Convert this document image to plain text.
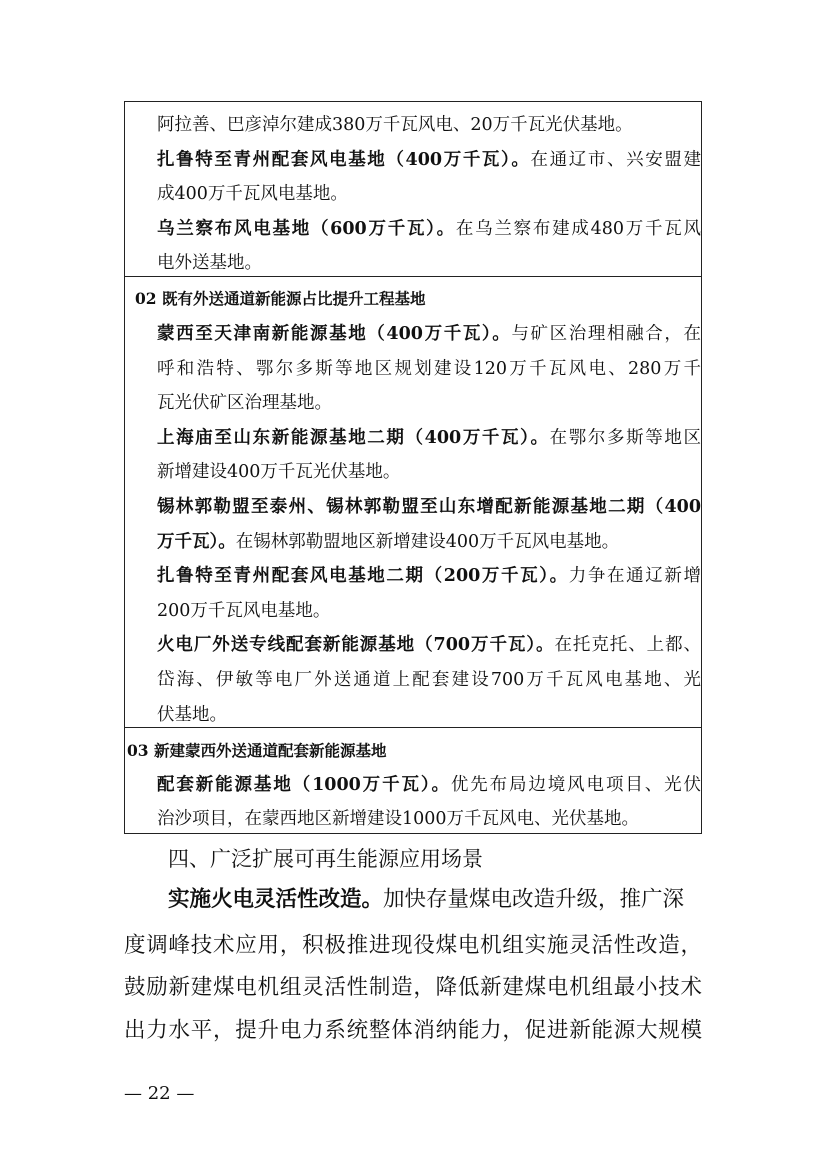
阿拉善、巴彦淖尔建成380万千瓦风电、20万千瓦光伏基地。
扎鲁特至青州配套风电基地（400万千瓦）。在通辽市、兴安盟建
成400万千瓦风电基地。
乌兰察布风电基地（600万千瓦）。在乌兰察布建成480万千瓦风
电外送基地。
02 既有外送通道新能源占比提升工程基地
蒙西至天津南新能源基地（400万千瓦）。与矿区治理相融合，在
呼和浩特、鄂尔多斯等地区规划建设120万千瓦风电、280万千
瓦光伏矿区治理基地。
上海庙至山东新能源基地二期（400万千瓦）。在鄂尔多斯等地区
新增建设400万千瓦光伏基地。
锡林郭勒盟至泰州、锡林郭勒盟至山东增配新能源基地二期（400
万千瓦）。在锡林郭勒盟地区新增建设400万千瓦风电基地。
扎鲁特至青州配套风电基地二期（200万千瓦）。力争在通辽新增
200万千瓦风电基地。
火电厂外送专线配套新能源基地（700万千瓦）。在托克托、上都、
岱海、伊敏等电厂外送通道上配套建设700万千瓦风电基地、光
伏基地。
03 新建蒙西外送通道配套新能源基地
配套新能源基地（1000万千瓦）。优先布局边境风电项目、光伏
治沙项目，在蒙西地区新增建设1000万千瓦风电、光伏基地。
四、广泛扩展可再生能源应用场景
实施火电灵活性改造。加快存量煤电改造升级，推广深
度调峰技术应用，积极推进现役煤电机组实施灵活性改造，
鼓励新建煤电机组灵活性制造，降低新建煤电机组最小技术
出力水平，提升电力系统整体消纳能力，促进新能源大规模
— 22 —
